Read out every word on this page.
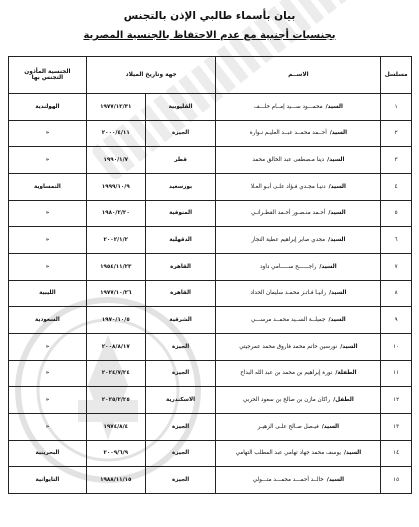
بيان بأسماء طالبي الإذن بالتجنس
بجنسيات أجنبية مع عدم الاحتفاظ بالجنسية المصرية
مسلسل	الاســم	جهة وتاريخ الميلاد		الجنسية المأذون
التجنس بها

١	السيد/محمـــود ســـيد إمــام خلـــف	القليوبية	١٩٧٧/١٢/٣١	الهولندية
٢	السيد/أحــمد محمــد عبــد العليـم نـوارة	الجيزة	٢٠٠٠/٤/١١	«
٣	السيد/دينا مـصطفى عبد الخالق محمد	قطر	١٩٩٠/١/٧	«
٤	السيد/دنيـا مجـدي فـؤاد علـى أبـو العـلا	بورسعيد	١٩٩٩/١٠/٩	النمساوية
٥	السيد/أحـمد منـصـور أحـمد القطـرانـي	المنوفية	١٩٨٠/٢/٢٠	«
٦	السيد/مجدي صابر إبراهيم عطية النجار	الدقهلية	٢٠٠٢/١/٢	«
٧	السيد/راجــــــح ســـــامي داود	القاهرة	١٩٥٤/١١/٢٣	«
٨	السيد/رانيـا فـاتـز محمـد سليمان الحداد	القاهرة	١٩٧٧/١٠/٢٦	الليبية
٩	السيد/جميلــة الســيد محمــد مرســـي	الشرقية	١٩٧٠/١٠/٥	السعودية
١٠	السيد/نورسين حاتم محمد فاروق محمد عمرجيتي	الجيزة	٢٠٠٨/٨/١٧	«
١١	الطفلة/نورة إبراهيم بن محمد بن عبد الله البداح	الجيزة	٢٠٢٤/٧/٢٤	«
١٢	الطفل/راكان مازن بن صالح بن سعود الحربي	الاسكندرية	٢٠٢٥/٢/٢٥	«
١٣	السيد/فيـصل صـالح علـى الزهيـر	الجيزة	١٩٧٤/٨/٤	«
١٤	السيد/يوسف محمد جهاد تهامي عبد المطلب التهامي	الجيزة	٢٠٠٩/٦/٩	البحرينية
١٥	السيد/خالــد أحمـــد محمـــد متـــولي	الجيزة	١٩٨٨/١١/١٥	التايوانية
